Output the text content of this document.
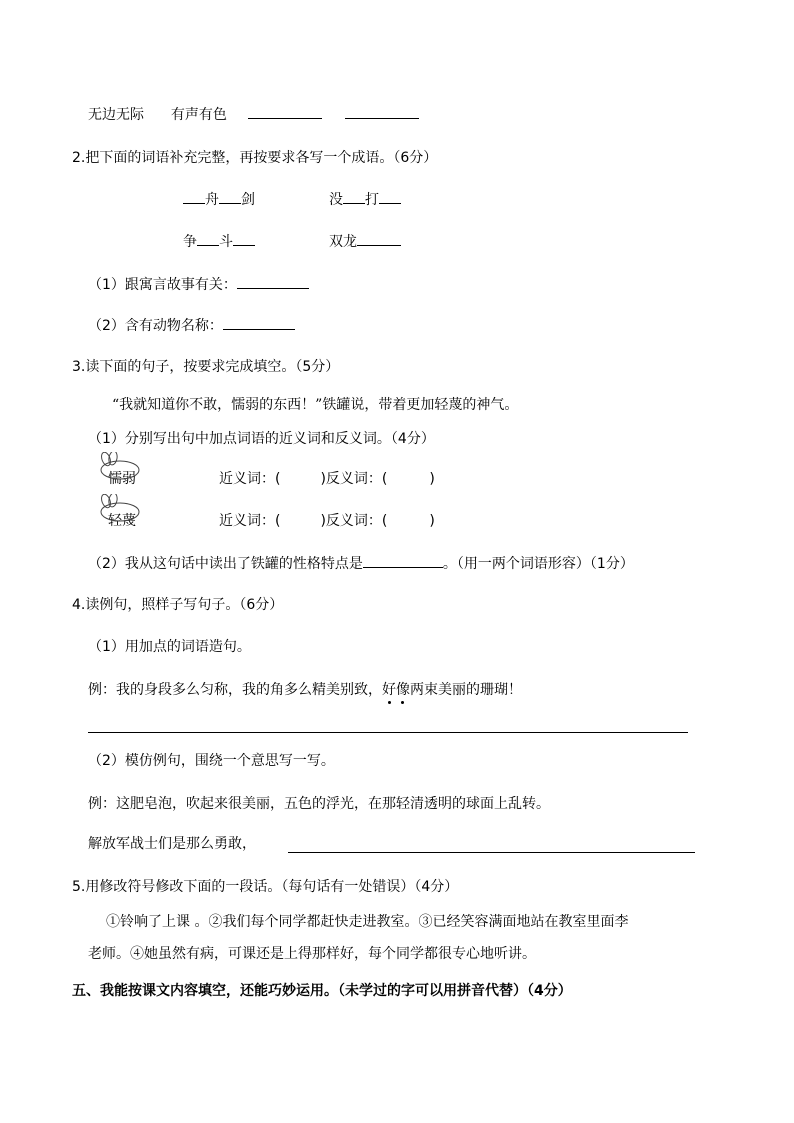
无边无际 有声有色
2.把下面的词语补充完整，再按要求各写一个成语。（6分）
舟 剑	没 打
争 斗	双龙
（1）跟寓言故事有关：
（2）含有动物名称：
3.读下面的句子，按要求完成填空。（5分）
“我就知道你不敢，懦弱的东西！”铁罐说，带着更加轻蔑的神气。
（1）分别写出句中加点词语的近义词和反义词。（4分）
懦弱	近义词：(	)反义词：(	)
轻蔑	近义词：(	)反义词：(	)
（2）我从这句话中读出了铁罐的性格特点是	。（用一两个词语形容）（1分）
4.读例句，照样子写句子。（6分）
（1）用加点的词语造句。
例：我的身段多么匀称，我的角多么精美别致，好像
两束美丽的珊瑚！
（2）模仿例句，围绕一个意思写一写。
例：这肥皂泡，吹起来很美丽，五色的浮光，在那轻清透明的球面上乱转。
解放军战士们是那么勇敢，
5.用修改符号修改下面的一段话。（每句话有一处错误）（4分）
①铃响了上课 。②我们每个同学都赶快走进教室。③已经笑容满面地站在教室里面李
老师。④她虽然有病，可课还是上得那样好，每个同学都很专心地听讲。
五、我能按课文内容填空，还能巧妙运用。（未学过的字可以用拼音代替）（4分）
